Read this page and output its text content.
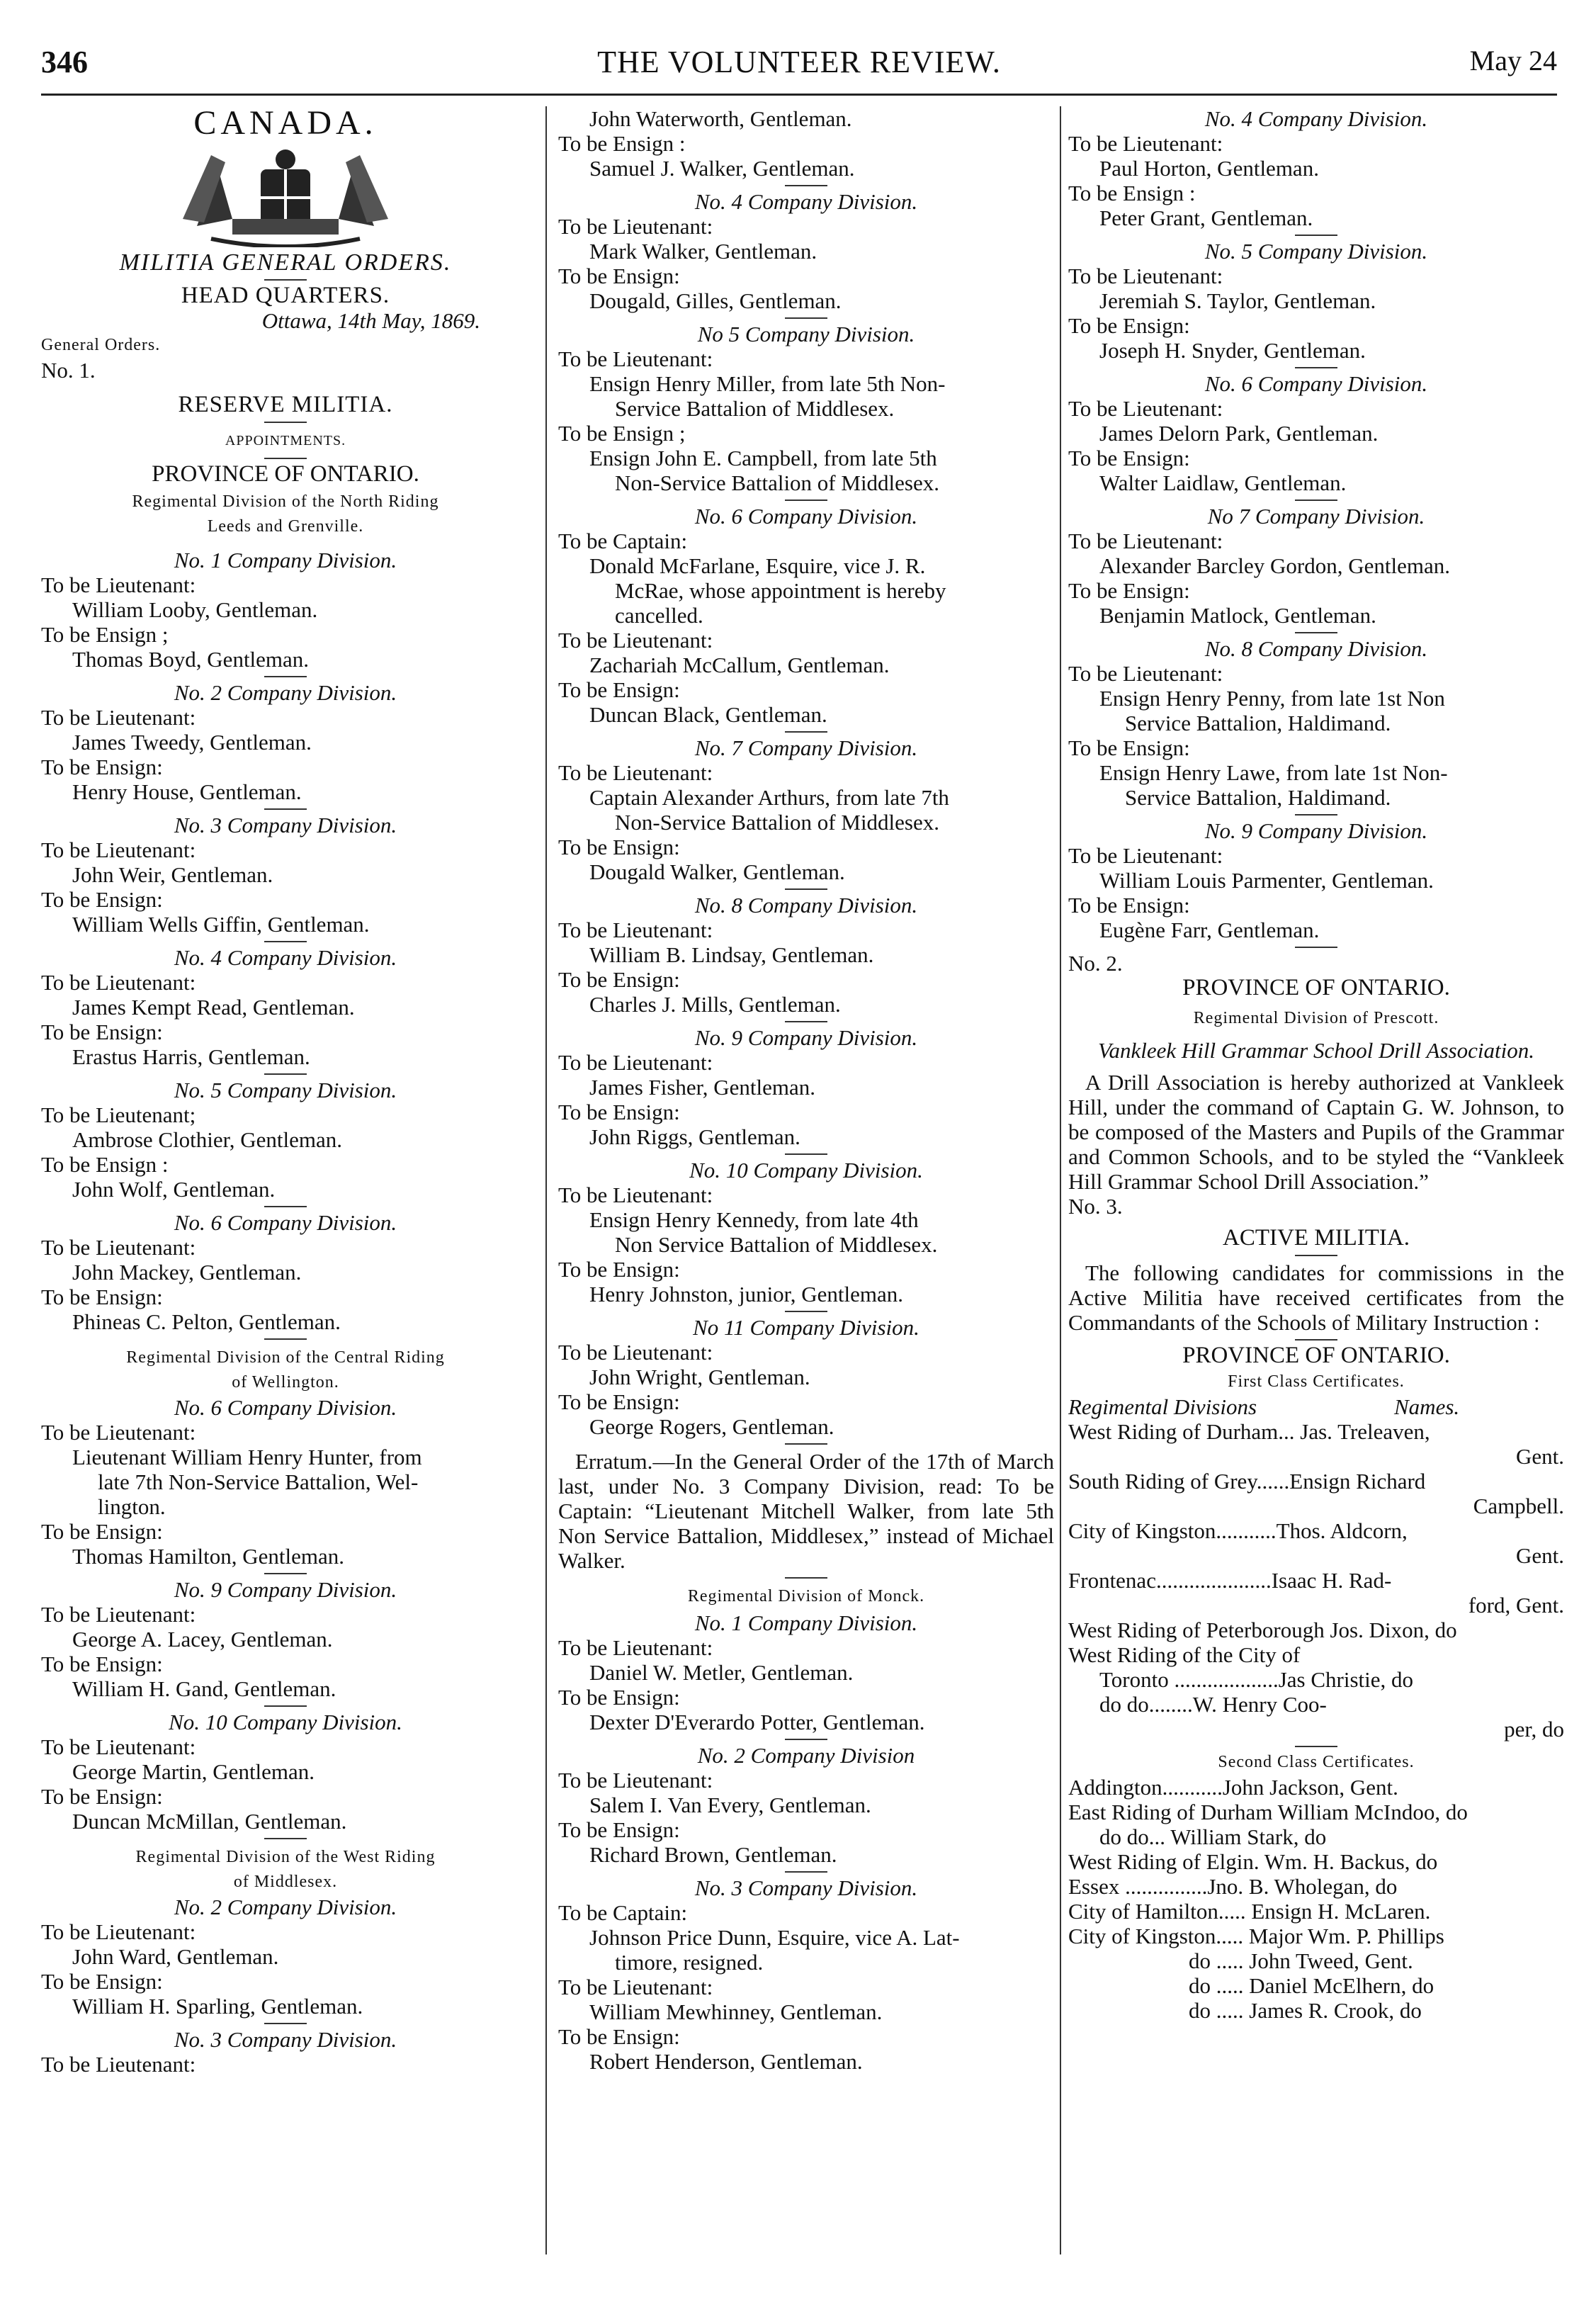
346	THE VOLUNTEER REVIEW.	May 24
CANADA.
MILITIA GENERAL ORDERS.
HEAD QUARTERS.
Ottawa, 14th May, 1869.
General Orders.
No. 1.
RESERVE MILITIA.
APPOINTMENTS.
PROVINCE OF ONTARIO.
Regimental Division of the North Riding
Leeds and Grenville.
No. 1 Company Division.
To be Lieutenant:
William Looby, Gentleman.
To be Ensign ;
Thomas Boyd, Gentleman.
No. 2 Company Division.
To be Lieutenant:
James Tweedy, Gentleman.
To be Ensign:
Henry House, Gentleman.
No. 3 Company Division.
To be Lieutenant:
John Weir, Gentleman.
To be Ensign:
William Wells Giffin, Gentleman.
No. 4 Company Division.
To be Lieutenant:
James Kempt Read, Gentleman.
To be Ensign:
Erastus Harris, Gentleman.
No. 5 Company Division.
To be Lieutenant;
Ambrose Clothier, Gentleman.
To be Ensign :
John Wolf, Gentleman.
No. 6 Company Division.
To be Lieutenant:
John Mackey, Gentleman.
To be Ensign:
Phineas C. Pelton, Gentleman.
Regimental Division of the Central Riding
of Wellington.
No. 6 Company Division.
To be Lieutenant:
Lieutenant William Henry Hunter, from
late 7th Non-Service Battalion, Wel-
lington.
To be Ensign:
Thomas Hamilton, Gentleman.
No. 9 Company Division.
To be Lieutenant:
George A. Lacey, Gentleman.
To be Ensign:
William H. Gand, Gentleman.
No. 10 Company Division.
To be Lieutenant:
George Martin, Gentleman.
To be Ensign:
Duncan McMillan, Gentleman.
Regimental Division of the West Riding
of Middlesex.
No. 2 Company Division.
To be Lieutenant:
John Ward, Gentleman.
To be Ensign:
William H. Sparling, Gentleman.
No. 3 Company Division.
To be Lieutenant:
John Waterworth, Gentleman.
To be Ensign :
Samuel J. Walker, Gentleman.
No. 4 Company Division.
To be Lieutenant:
Mark Walker, Gentleman.
To be Ensign:
Dougald, Gilles, Gentleman.
No 5 Company Division.
To be Lieutenant:
Ensign Henry Miller, from late 5th Non-
Service Battalion of Middlesex.
To be Ensign ;
Ensign John E. Campbell, from late 5th
Non-Service Battalion of Middlesex.
No. 6 Company Division.
To be Captain:
Donald McFarlane, Esquire, vice J. R.
McRae, whose appointment is hereby
cancelled.
To be Lieutenant:
Zachariah McCallum, Gentleman.
To be Ensign:
Duncan Black, Gentleman.
No. 7 Company Division.
To be Lieutenant:
Captain Alexander Arthurs, from late 7th
Non-Service Battalion of Middlesex.
To be Ensign:
Dougald Walker, Gentleman.
No. 8 Company Division.
To be Lieutenant:
William B. Lindsay, Gentleman.
To be Ensign:
Charles J. Mills, Gentleman.
No. 9 Company Division.
To be Lieutenant:
James Fisher, Gentleman.
To be Ensign:
John Riggs, Gentleman.
No. 10 Company Division.
To be Lieutenant:
Ensign Henry Kennedy, from late 4th
Non Service Battalion of Middlesex.
To be Ensign:
Henry Johnston, junior, Gentleman.
No 11 Company Division.
To be Lieutenant:
John Wright, Gentleman.
To be Ensign:
George Rogers, Gentleman.
Erratum.—In the General Order of the 17th of March last, under No. 3 Company Division, read: To be Captain: “Lieutenant Mitchell Walker, from late 5th Non Service Battalion, Middlesex,” instead of Michael Walker.
Regimental Division of Monck.
No. 1 Company Division.
To be Lieutenant:
Daniel W. Metler, Gentleman.
To be Ensign:
Dexter D'Everardo Potter, Gentleman.
No. 2 Company Division
To be Lieutenant:
Salem I. Van Every, Gentleman.
To be Ensign:
Richard Brown, Gentleman.
No. 3 Company Division.
To be Captain:
Johnson Price Dunn, Esquire, vice A. Lat-
timore, resigned.
To be Lieutenant:
William Mewhinney, Gentleman.
To be Ensign:
Robert Henderson, Gentleman.
No. 4 Company Division.
To be Lieutenant:
Paul Horton, Gentleman.
To be Ensign :
Peter Grant, Gentleman.
No. 5 Company Division.
To be Lieutenant:
Jeremiah S. Taylor, Gentleman.
To be Ensign:
Joseph H. Snyder, Gentleman.
No. 6 Company Division.
To be Lieutenant:
James Delorn Park, Gentleman.
To be Ensign:
Walter Laidlaw, Gentleman.
No 7 Company Division.
To be Lieutenant:
Alexander Barcley Gordon, Gentleman.
To be Ensign:
Benjamin Matlock, Gentleman.
No. 8 Company Division.
To be Lieutenant:
Ensign Henry Penny, from late 1st Non
Service Battalion, Haldimand.
To be Ensign:
Ensign Henry Lawe, from late 1st Non-
Service Battalion, Haldimand.
No. 9 Company Division.
To be Lieutenant:
William Louis Parmenter, Gentleman.
To be Ensign:
Eugène Farr, Gentleman.
No. 2.
PROVINCE OF ONTARIO.
Regimental Division of Prescott.
Vankleek Hill Grammar School Drill Association.
A Drill Association is hereby authorized at Vankleek Hill, under the command of Captain G. W. Johnson, to be composed of the Masters and Pupils of the Grammar and Common Schools, and to be styled the “Vankleek Hill Grammar School Drill Association.”
No. 3.
ACTIVE MILITIA.
The following candidates for commissions in the Active Militia have received certificates from the Commandants of the Schools of Military Instruction :
PROVINCE OF ONTARIO.
First Class Certificates.
Regimental Divisions	Names.
West Riding of Durham... Jas. Treleaven,
Gent.
South Riding of Grey......Ensign Richard
Campbell.
City of Kingston...........Thos. Aldcorn,
Gent.
Frontenac.....................Isaac H. Rad-
ford, Gent.
West Riding of Peterborough Jos. Dixon, do
West Riding of the City of
Toronto ...................Jas Christie, do
do do........W. Henry Coo-
per, do
Second Class Certificates.
Addington...........John Jackson, Gent.
East Riding of Durham William McIndoo, do
do do... William Stark, do
West Riding of Elgin. Wm. H. Backus, do
Essex ...............Jno. B. Wholegan, do
City of Hamilton..... Ensign H. McLaren.
City of Kingston..... Major Wm. P. Phillips
do ..... John Tweed, Gent.
do ..... Daniel McElhern, do
do ..... James R. Crook, do
